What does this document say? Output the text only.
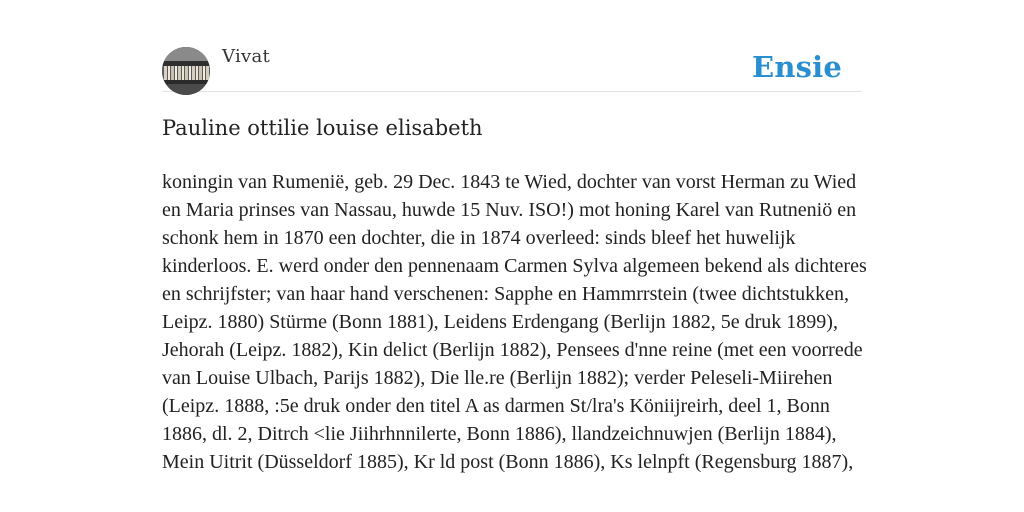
Vivat	Ensie
Pauline ottilie louise elisabeth

koningin van Rumenië, geb. 29 Dec. 1843 te Wied, dochter van vorst Herman zu Wied en Maria prinses van Nassau, huwde 15 Nuv. ISO!) mot honing Karel van Rutneniö en schonk hem in 1870 een dochter, die in 1874 overleed: sinds bleef het huwelijk kinderloos. E. werd onder den pennenaam Carmen Sylva algemeen bekend als dichteres en schrijfster; van haar hand verschenen: Sapphe en Hammrrstein (twee dichtstukken, Leipz. 1880) Stürme (Bonn 1881), Leidens Erdengang (Berlijn 1882, 5e druk 1899), Jehorah (Leipz. 1882), Kin delict (Berlijn 1882), Pensees d'nne reine (met een voorrede van Louise Ulbach, Parijs 1882), Die lle.re (Berlijn 1882); verder Peleseli-Miirehen (Leipz. 1888, :5e druk onder den titel A as darmen St/lra's Köniijreirh, deel 1, Bonn 1886, dl. 2, Ditrch <lie Jiihrhnnilerte, Bonn 1886), llandzeichnuwjen (Berlijn 1884), Mein Uitrit (Düsseldorf 1885), Kr ld post (Bonn 1886), Ks lelnpft (Regensburg 1887),
